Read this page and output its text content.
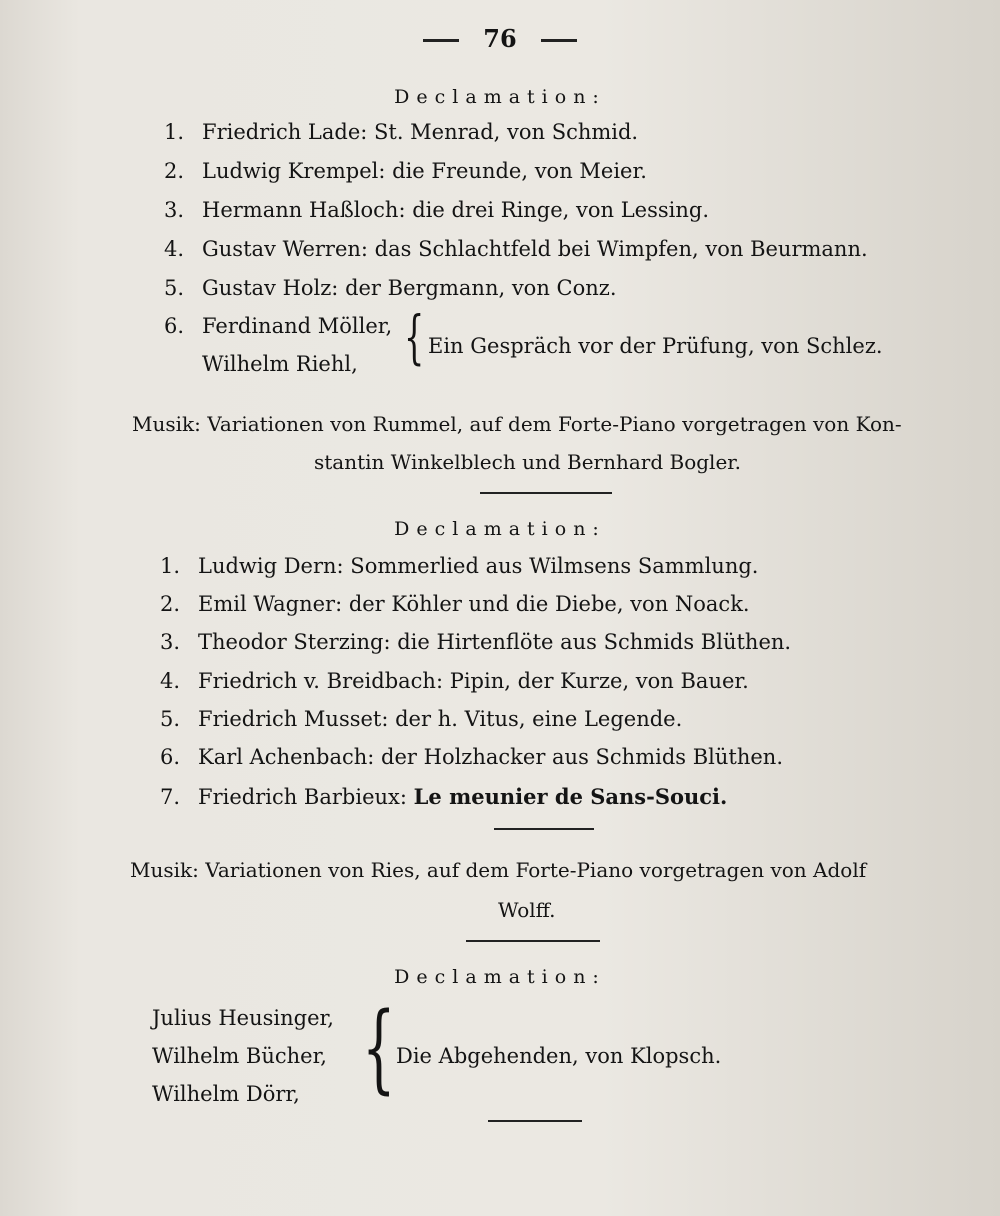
76
Declamation:
1. Friedrich Lade: St. Menrad, von Schmid.
2. Ludwig Krempel: die Freunde, von Meier.
3. Hermann Haßloch: die drei Ringe, von Lessing.
4. Gustav Werren: das Schlachtfeld bei Wimpfen, von Beurmann.
5. Gustav Holz: der Bergmann, von Conz.
6. Ferdinand Möller,
Wilhelm Riehl, { Ein Gespräch vor der Prüfung, von Schlez.
Musik: Variationen von Rummel, auf dem Forte-Piano vorgetragen von Kon-
stantin Winkelblech und Bernhard Bogler.
Declamation:
1. Ludwig Dern: Sommerlied aus Wilmsens Sammlung.
2. Emil Wagner: der Köhler und die Diebe, von Noack.
3. Theodor Sterzing: die Hirtenflöte aus Schmids Blüthen.
4. Friedrich v. Breidbach: Pipin, der Kurze, von Bauer.
5. Friedrich Musset: der h. Vitus, eine Legende.
6. Karl Achenbach: der Holzhacker aus Schmids Blüthen.
7. Friedrich Barbieux: Le meunier de Sans-Souci.
Musik: Variationen von Ries, auf dem Forte-Piano vorgetragen von Adolf
Wolff.
Declamation:
Julius Heusinger,
Wilhelm Bücher,
Wilhelm Dörr, { Die Abgehenden, von Klopsch.
